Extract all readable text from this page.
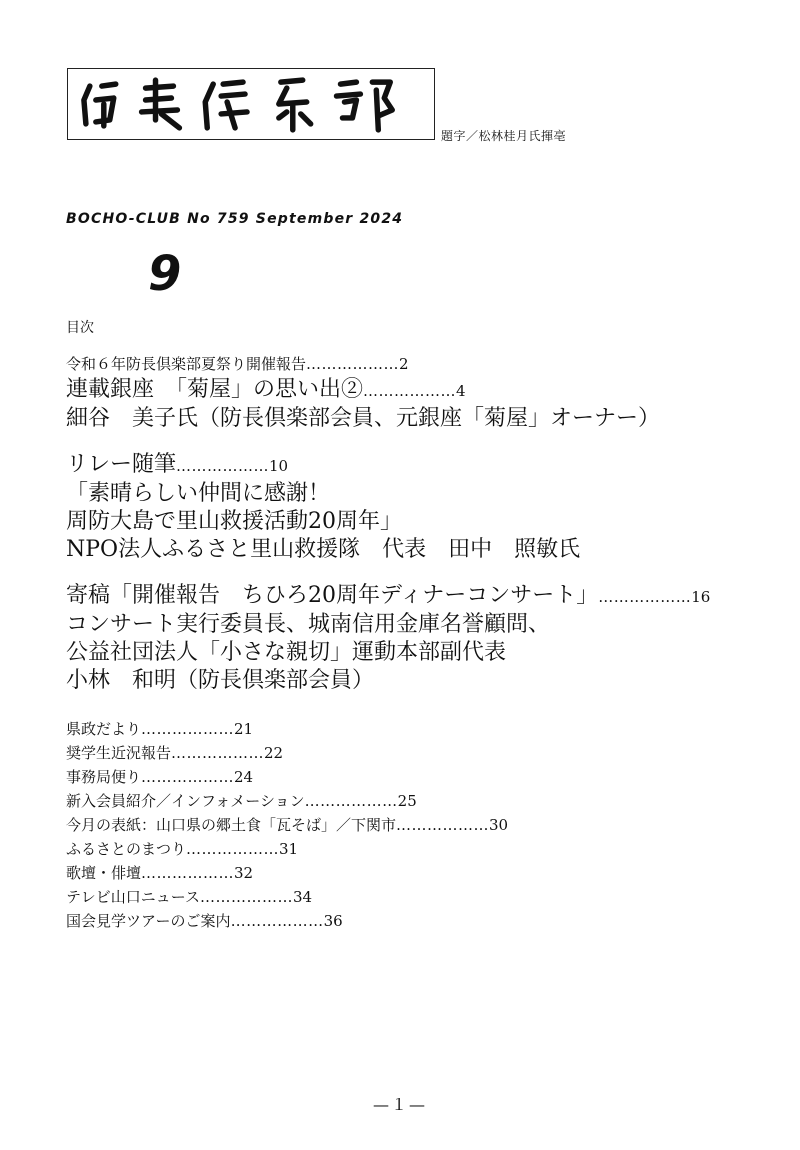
題字／松林桂月氏揮亳
BOCHO-CLUB No 759 September 2024
9
目次
令和６年防長倶楽部夏祭り開催報告………………2
連載銀座　「菊屋」の思い出②………………4
細谷　美子氏（防長倶楽部会員、元銀座「菊屋」オーナー）
リレー随筆………………10
「素晴らしい仲間に感謝！
周防大島で里山救援活動20周年」
NPO法人ふるさと里山救援隊　代表　田中　照敏氏
寄稿「開催報告　ちひろ20周年ディナーコンサート」………………16
コンサート実行委員長、城南信用金庫名誉顧問、
公益社団法人「小さな親切」運動本部副代表
小林　和明（防長倶楽部会員）
県政だより………………21
奨学生近況報告………………22
事務局便り………………24
新入会員紹介／インフォメーション………………25
今月の表紙：山口県の郷土食「瓦そば」／下関市………………30
ふるさとのまつり………………31
歌壇・俳壇………………32
テレビ山口ニュース………………34
国会見学ツアーのご案内………………36
—１—
